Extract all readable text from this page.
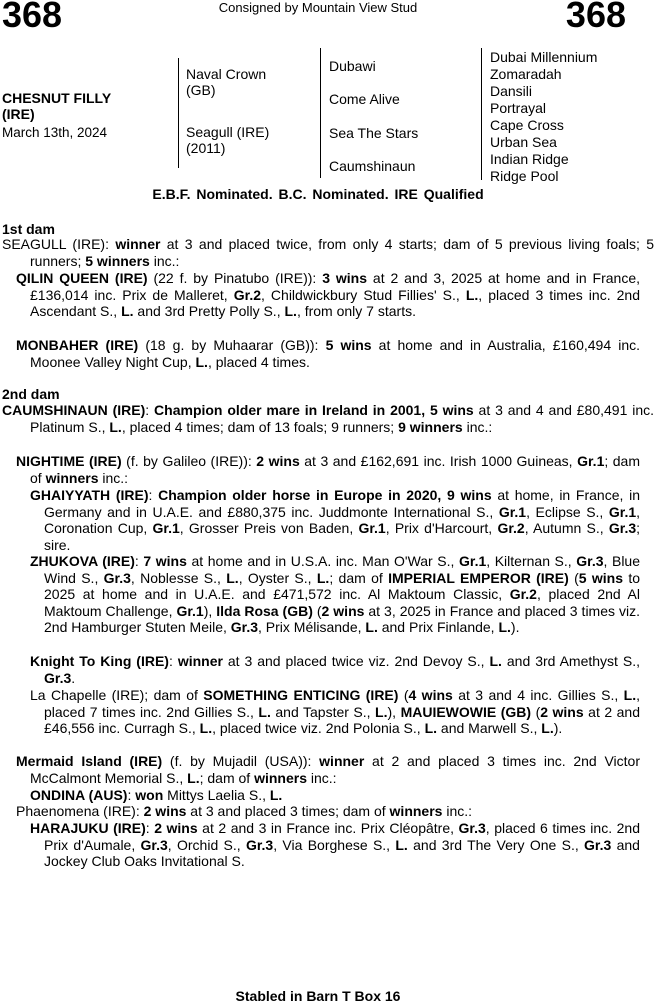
368	Consigned by Mountain View Stud	368
CHESNUT FILLY
(IRE)
March 13th, 2024
Naval Crown
(GB)
Seagull (IRE)
(2011)
Dubawi
Come Alive
Sea The Stars
Caumshinaun
Dubai Millennium
Zomaradah
Dansili
Portrayal
Cape Cross
Urban Sea
Indian Ridge
Ridge Pool
E.B.F. Nominated. B.C. Nominated. IRE Qualified
1st dam
SEAGULL (IRE): winner at 3 and placed twice, from only 4 starts; dam of 5 previous living foals; 5 runners; 5 winners inc.:
QILIN QUEEN (IRE) (22 f. by Pinatubo (IRE)): 3 wins at 2 and 3, 2025 at home and in France, £136,014 inc. Prix de Malleret, Gr.2, Childwickbury Stud Fillies' S., L., placed 3 times inc. 2nd Ascendant S., L. and 3rd Pretty Polly S., L., from only 7 starts.
MONBAHER (IRE) (18 g. by Muhaarar (GB)): 5 wins at home and in Australia, £160,494 inc. Moonee Valley Night Cup, L., placed 4 times.
2nd dam
CAUMSHINAUN (IRE): Champion older mare in Ireland in 2001, 5 wins at 3 and 4 and £80,491 inc. Platinum S., L., placed 4 times; dam of 13 foals; 9 runners; 9 winners inc.:
NIGHTIME (IRE) (f. by Galileo (IRE)): 2 wins at 3 and £162,691 inc. Irish 1000 Guineas, Gr.1; dam of winners inc.:
GHAIYYATH (IRE): Champion older horse in Europe in 2020, 9 wins at home, in France, in Germany and in U.A.E. and £880,375 inc. Juddmonte International S., Gr.1, Eclipse S., Gr.1, Coronation Cup, Gr.1, Grosser Preis von Baden, Gr.1, Prix d'Harcourt, Gr.2, Autumn S., Gr.3; sire.
ZHUKOVA (IRE): 7 wins at home and in U.S.A. inc. Man O'War S., Gr.1, Kilternan S., Gr.3, Blue Wind S., Gr.3, Noblesse S., L., Oyster S., L.; dam of IMPERIAL EMPEROR (IRE) (5 wins to 2025 at home and in U.A.E. and £471,572 inc. Al Maktoum Classic, Gr.2, placed 2nd Al Maktoum Challenge, Gr.1), Ilda Rosa (GB) (2 wins at 3, 2025 in France and placed 3 times viz. 2nd Hamburger Stuten Meile, Gr.3, Prix Mélisande, L. and Prix Finlande, L.).
Knight To King (IRE): winner at 3 and placed twice viz. 2nd Devoy S., L. and 3rd Amethyst S., Gr.3.
La Chapelle (IRE); dam of SOMETHING ENTICING (IRE) (4 wins at 3 and 4 inc. Gillies S., L., placed 7 times inc. 2nd Gillies S., L. and Tapster S., L.), MAUIEWOWIE (GB) (2 wins at 2 and £46,556 inc. Curragh S., L., placed twice viz. 2nd Polonia S., L. and Marwell S., L.).
Mermaid Island (IRE) (f. by Mujadil (USA)): winner at 2 and placed 3 times inc. 2nd Victor McCalmont Memorial S., L.; dam of winners inc.:
ONDINA (AUS): won Mittys Laelia S., L.
Phaenomena (IRE): 2 wins at 3 and placed 3 times; dam of winners inc.:
HARAJUKU (IRE): 2 wins at 2 and 3 in France inc. Prix Cléopâtre, Gr.3, placed 6 times inc. 2nd Prix d'Aumale, Gr.3, Orchid S., Gr.3, Via Borghese S., L. and 3rd The Very One S., Gr.3 and Jockey Club Oaks Invitational S.
Stabled in Barn T Box 16
